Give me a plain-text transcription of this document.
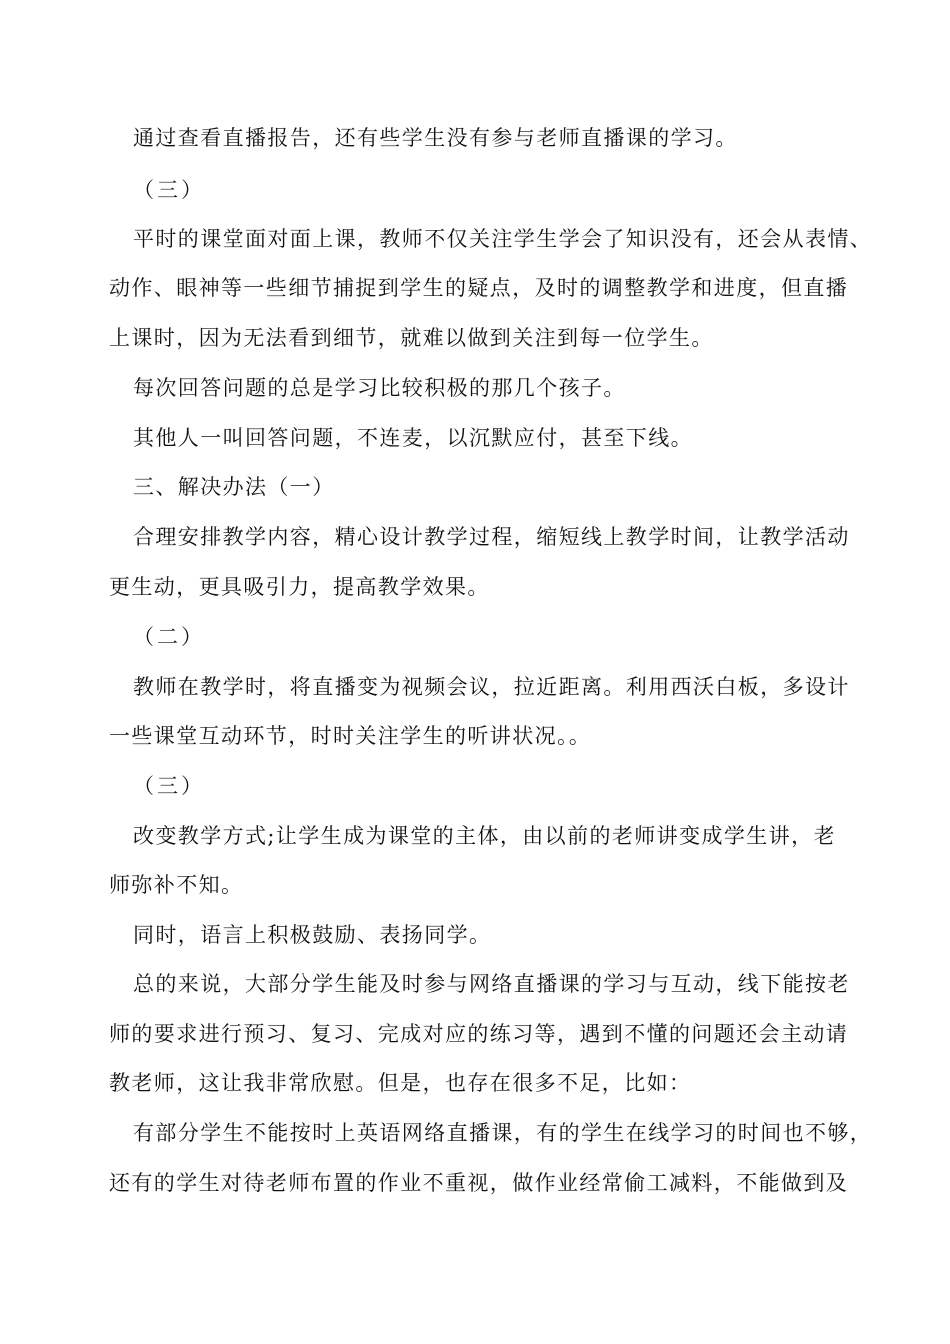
通过查看直播报告，还有些学生没有参与老师直播课的学习。
（三）
平时的课堂面对面上课，教师不仅关注学生学会了知识没有，还会从表情、
动作、眼神等一些细节捕捉到学生的疑点，及时的调整教学和进度，但直播
上课时，因为无法看到细节，就难以做到关注到每一位学生。
每次回答问题的总是学习比较积极的那几个孩子。
其他人一叫回答问题，不连麦，以沉默应付，甚至下线。
三、解决办法（一）
合理安排教学内容，精心设计教学过程，缩短线上教学时间，让教学活动
更生动，更具吸引力，提高教学效果。
（二）
教师在教学时，将直播变为视频会议，拉近距离。利用西沃白板，多设计
一些课堂互动环节，时时关注学生的听讲状况。。
（三）
改变教学方式;让学生成为课堂的主体，由以前的老师讲变成学生讲，老
师弥补不知。
同时，语言上积极鼓励、表扬同学。
总的来说，大部分学生能及时参与网络直播课的学习与互动，线下能按老
师的要求进行预习、复习、完成对应的练习等，遇到不懂的问题还会主动请
教老师，这让我非常欣慰。但是，也存在很多不足，比如：
有部分学生不能按时上英语网络直播课，有的学生在线学习的时间也不够，
还有的学生对待老师布置的作业不重视，做作业经常偷工减料，不能做到及
